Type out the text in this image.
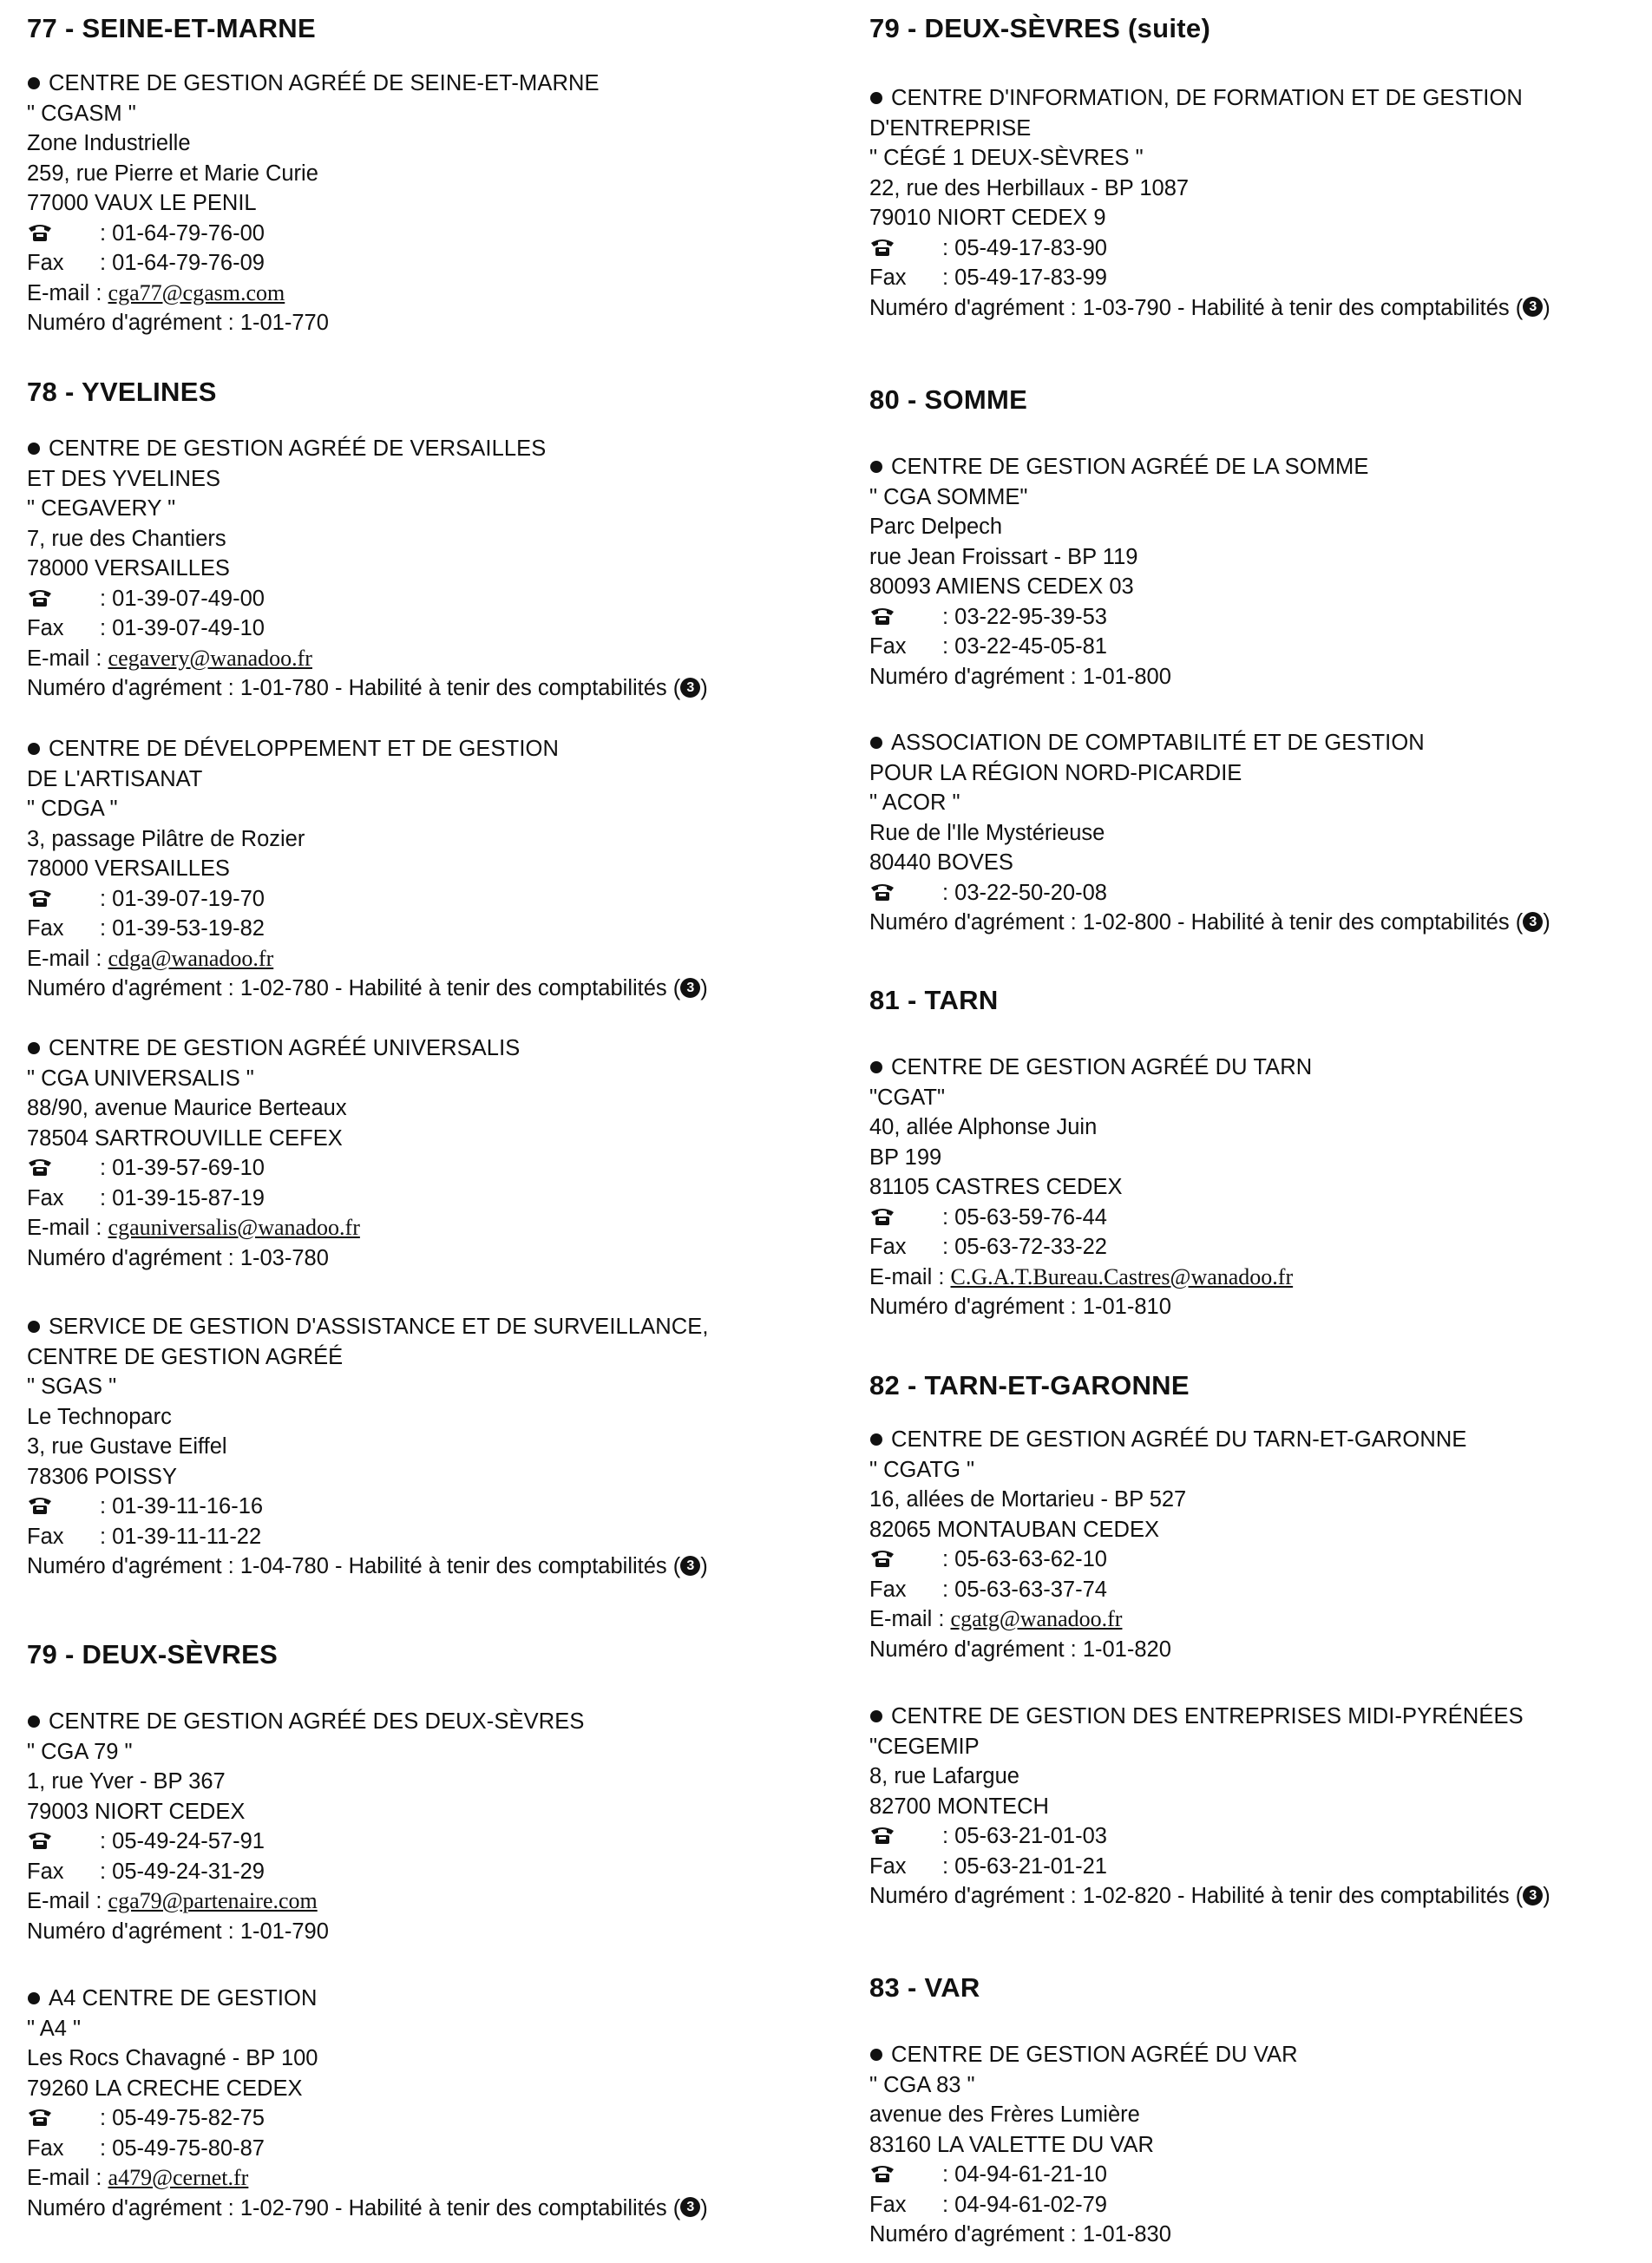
77 - SEINE-ET-MARNE
CENTRE DE GESTION AGRÉÉ DE SEINE-ET-MARNE
" CGASM "
Zone Industrielle
259, rue Pierre et Marie Curie
77000 VAUX LE PENIL
: 01-64-79-76-00
Fax : 01-64-79-76-09
E-mail : cga77@cgasm.com
Numéro d'agrément : 1-01-770
78 - YVELINES
CENTRE DE GESTION AGRÉÉ DE VERSAILLES
ET DES YVELINES
" CEGAVERY "
7, rue des Chantiers
78000 VERSAILLES
: 01-39-07-49-00
Fax : 01-39-07-49-10
E-mail : cegavery@wanadoo.fr
Numéro d'agrément : 1-01-780 - Habilité à tenir des comptabilités ( 3 )
CENTRE DE DÉVELOPPEMENT ET DE GESTION
DE L'ARTISANAT
" CDGA "
3, passage Pilâtre de Rozier
78000 VERSAILLES
: 01-39-07-19-70
Fax : 01-39-53-19-82
E-mail : cdga@wanadoo.fr
Numéro d'agrément : 1-02-780 - Habilité à tenir des comptabilités ( 3 )
CENTRE DE GESTION AGRÉÉ UNIVERSALIS
" CGA UNIVERSALIS "
88/90, avenue Maurice Berteaux
78504 SARTROUVILLE CEFEX
: 01-39-57-69-10
Fax : 01-39-15-87-19
E-mail : cgauniversalis@wanadoo.fr
Numéro d'agrément : 1-03-780
SERVICE DE GESTION D'ASSISTANCE ET DE SURVEILLANCE,
CENTRE DE GESTION AGRÉÉ
" SGAS "
Le Technoparc
3, rue Gustave Eiffel
78306 POISSY
: 01-39-11-16-16
Fax : 01-39-11-11-22
Numéro d'agrément : 1-04-780 - Habilité à tenir des comptabilités ( 3 )
79 - DEUX-SÈVRES
CENTRE DE GESTION AGRÉÉ DES DEUX-SÈVRES
" CGA 79 "
1, rue Yver - BP 367
79003 NIORT CEDEX
: 05-49-24-57-91
Fax : 05-49-24-31-29
E-mail : cga79@partenaire.com
Numéro d'agrément : 1-01-790
A4 CENTRE DE GESTION
" A4 "
Les Rocs Chavagné - BP 100
79260 LA CRECHE CEDEX
: 05-49-75-82-75
Fax : 05-49-75-80-87
E-mail : a479@cernet.fr
Numéro d'agrément : 1-02-790 - Habilité à tenir des comptabilités ( 3 )
79 - DEUX-SÈVRES (suite)
CENTRE D'INFORMATION, DE FORMATION ET DE GESTION
D'ENTREPRISE
" CÉGÉ 1 DEUX-SÈVRES "
22, rue des Herbillaux - BP 1087
79010 NIORT CEDEX 9
: 05-49-17-83-90
Fax : 05-49-17-83-99
Numéro d'agrément : 1-03-790 - Habilité à tenir des comptabilités ( 3 )
80 - SOMME
CENTRE DE GESTION AGRÉÉ DE LA SOMME
" CGA SOMME"
Parc Delpech
rue Jean Froissart - BP 119
80093 AMIENS CEDEX 03
: 03-22-95-39-53
Fax : 03-22-45-05-81
Numéro d'agrément : 1-01-800
ASSOCIATION DE COMPTABILITÉ ET DE GESTION
POUR LA RÉGION NORD-PICARDIE
" ACOR "
Rue de l'Ile Mystérieuse
80440 BOVES
: 03-22-50-20-08
Numéro d'agrément : 1-02-800 - Habilité à tenir des comptabilités ( 3 )
81 - TARN
CENTRE DE GESTION AGRÉÉ DU TARN
"CGAT"
40, allée Alphonse Juin
BP 199
81105 CASTRES CEDEX
: 05-63-59-76-44
Fax : 05-63-72-33-22
E-mail : C.G.A.T.Bureau.Castres@wanadoo.fr
Numéro d'agrément : 1-01-810
82 - TARN-ET-GARONNE
CENTRE DE GESTION AGRÉÉ DU TARN-ET-GARONNE
" CGATG "
16, allées de Mortarieu - BP 527
82065 MONTAUBAN CEDEX
: 05-63-63-62-10
Fax : 05-63-63-37-74
E-mail : cgatg@wanadoo.fr
Numéro d'agrément : 1-01-820
CENTRE DE GESTION DES ENTREPRISES MIDI-PYRÉNÉES
"CEGEMIP
8, rue Lafargue
82700 MONTECH
: 05-63-21-01-03
Fax : 05-63-21-01-21
Numéro d'agrément : 1-02-820 - Habilité à tenir des comptabilités ( 3 )
83 - VAR
CENTRE DE GESTION AGRÉÉ DU VAR
" CGA 83 "
avenue des Frères Lumière
83160 LA VALETTE DU VAR
: 04-94-61-21-10
Fax : 04-94-61-02-79
Numéro d'agrément : 1-01-830
